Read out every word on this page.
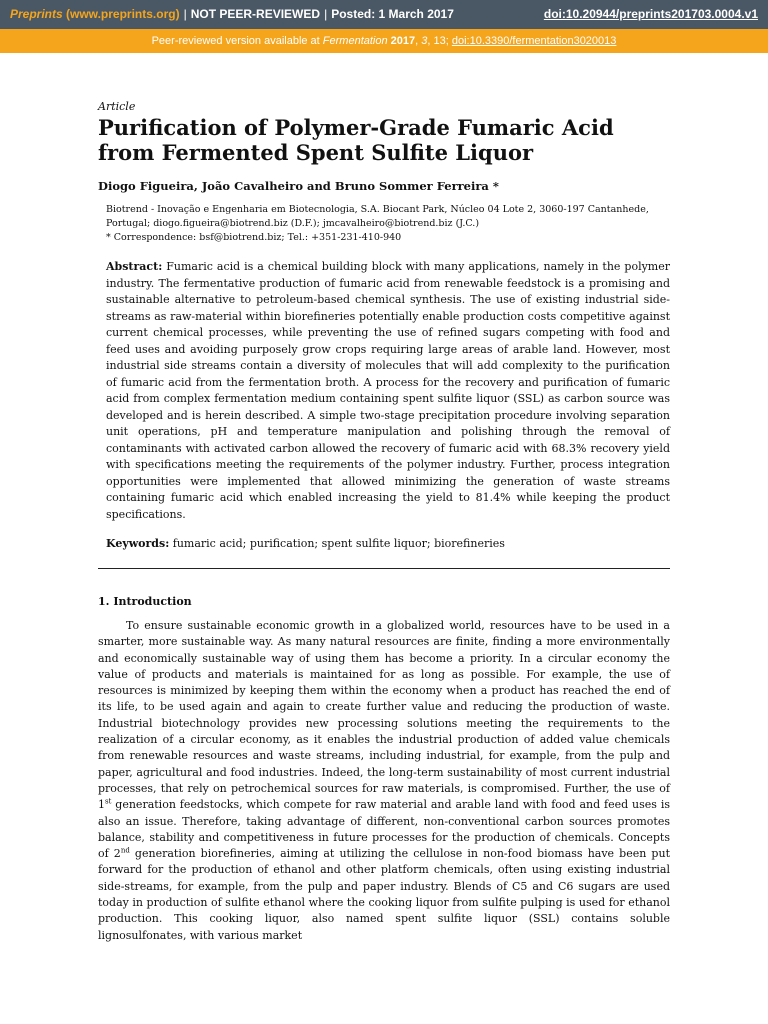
Preprints (www.preprints.org) | NOT PEER-REVIEWED | Posted: 1 March 2017	doi:10.20944/preprints201703.0004.v1
Peer-reviewed version available at Fermentation 2017, 3, 13; doi:10.3390/fermentation3020013
Article
Purification of Polymer-Grade Fumaric Acid from Fermented Spent Sulfite Liquor
Diogo Figueira, João Cavalheiro and Bruno Sommer Ferreira *
Biotrend - Inovação e Engenharia em Biotecnologia, S.A. Biocant Park, Núcleo 04 Lote 2, 3060-197 Cantanhede,
Portugal; diogo.figueira@biotrend.biz (D.F.); jmcavalheiro@biotrend.biz (J.C.)
* Correspondence: bsf@biotrend.biz; Tel.: +351-231-410-940
Abstract: Fumaric acid is a chemical building block with many applications, namely in the polymer industry. The fermentative production of fumaric acid from renewable feedstock is a promising and sustainable alternative to petroleum-based chemical synthesis. The use of existing industrial side-streams as raw-material within biorefineries potentially enable production costs competitive against current chemical processes, while preventing the use of refined sugars competing with food and feed uses and avoiding purposely grow crops requiring large areas of arable land. However, most industrial side streams contain a diversity of molecules that will add complexity to the purification of fumaric acid from the fermentation broth. A process for the recovery and purification of fumaric acid from complex fermentation medium containing spent sulfite liquor (SSL) as carbon source was developed and is herein described. A simple two-stage precipitation procedure involving separation unit operations, pH and temperature manipulation and polishing through the removal of contaminants with activated carbon allowed the recovery of fumaric acid with 68.3% recovery yield with specifications meeting the requirements of the polymer industry. Further, process integration opportunities were implemented that allowed minimizing the generation of waste streams containing fumaric acid which enabled increasing the yield to 81.4% while keeping the product specifications.
Keywords: fumaric acid; purification; spent sulfite liquor; biorefineries
1. Introduction
To ensure sustainable economic growth in a globalized world, resources have to be used in a smarter, more sustainable way. As many natural resources are finite, finding a more environmentally and economically sustainable way of using them has become a priority. In a circular economy the value of products and materials is maintained for as long as possible. For example, the use of resources is minimized by keeping them within the economy when a product has reached the end of its life, to be used again and again to create further value and reducing the production of waste. Industrial biotechnology provides new processing solutions meeting the requirements to the realization of a circular economy, as it enables the industrial production of added value chemicals from renewable resources and waste streams, including industrial, for example, from the pulp and paper, agricultural and food industries. Indeed, the long-term sustainability of most current industrial processes, that rely on petrochemical sources for raw materials, is compromised. Further, the use of 1st generation feedstocks, which compete for raw material and arable land with food and feed uses is also an issue. Therefore, taking advantage of different, non-conventional carbon sources promotes balance, stability and competitiveness in future processes for the production of chemicals. Concepts of 2nd generation biorefineries, aiming at utilizing the cellulose in non-food biomass have been put forward for the production of ethanol and other platform chemicals, often using existing industrial side-streams, for example, from the pulp and paper industry. Blends of C5 and C6 sugars are used today in production of sulfite ethanol where the cooking liquor from sulfite pulping is used for ethanol production. This cooking liquor, also named spent sulfite liquor (SSL) contains soluble lignosulfonates, with various market
